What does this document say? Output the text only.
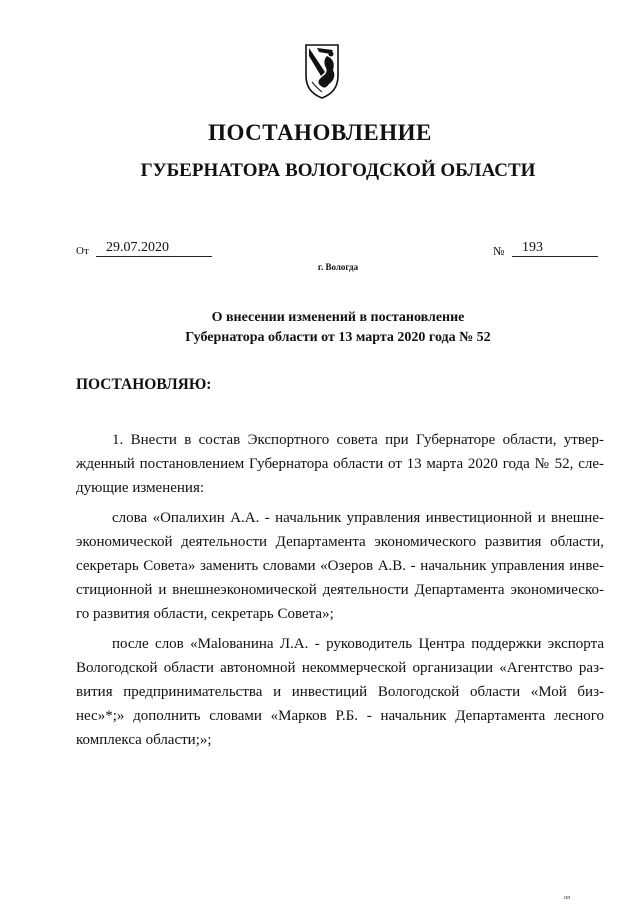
ПОСТАНОВЛЕНИЕ
ГУБЕРНАТОРА ВОЛОГОДСКОЙ ОБЛАСТИ
От	29.07.2020	№	193
г. Вологда
О внесении изменений в постановление
Губернатора области от 13 марта 2020 года № 52
ПОСТАНОВЛЯЮ:

1. Внести в состав Экспортного совета при Губернаторе области, утвер-
жденный постановлением Губернатора области от 13 марта 2020 года № 52, сле-
дующие изменения:

слова «Опалихин А.А. - начальник управления инвестиционной и внешне-
экономической деятельности Департамента экономического развития области,
секретарь Совета» заменить словами «Озеров А.В. - начальник управления инве-
стиционной и внешнеэкономической деятельности Департамента экономическо-
го развития области, секретарь Совета»;

после слов «Мalованина Л.А. - руководитель Центра поддержки экспорта
Вологодской области автономной некоммерческой организации «Агентство раз-
вития предпринимательства и инвестиций Вологодской области «Мой биз-
нес»*;» дополнить словами «Марков Р.Б. - начальник Департамента лесного
комплекса области;»;

нп
